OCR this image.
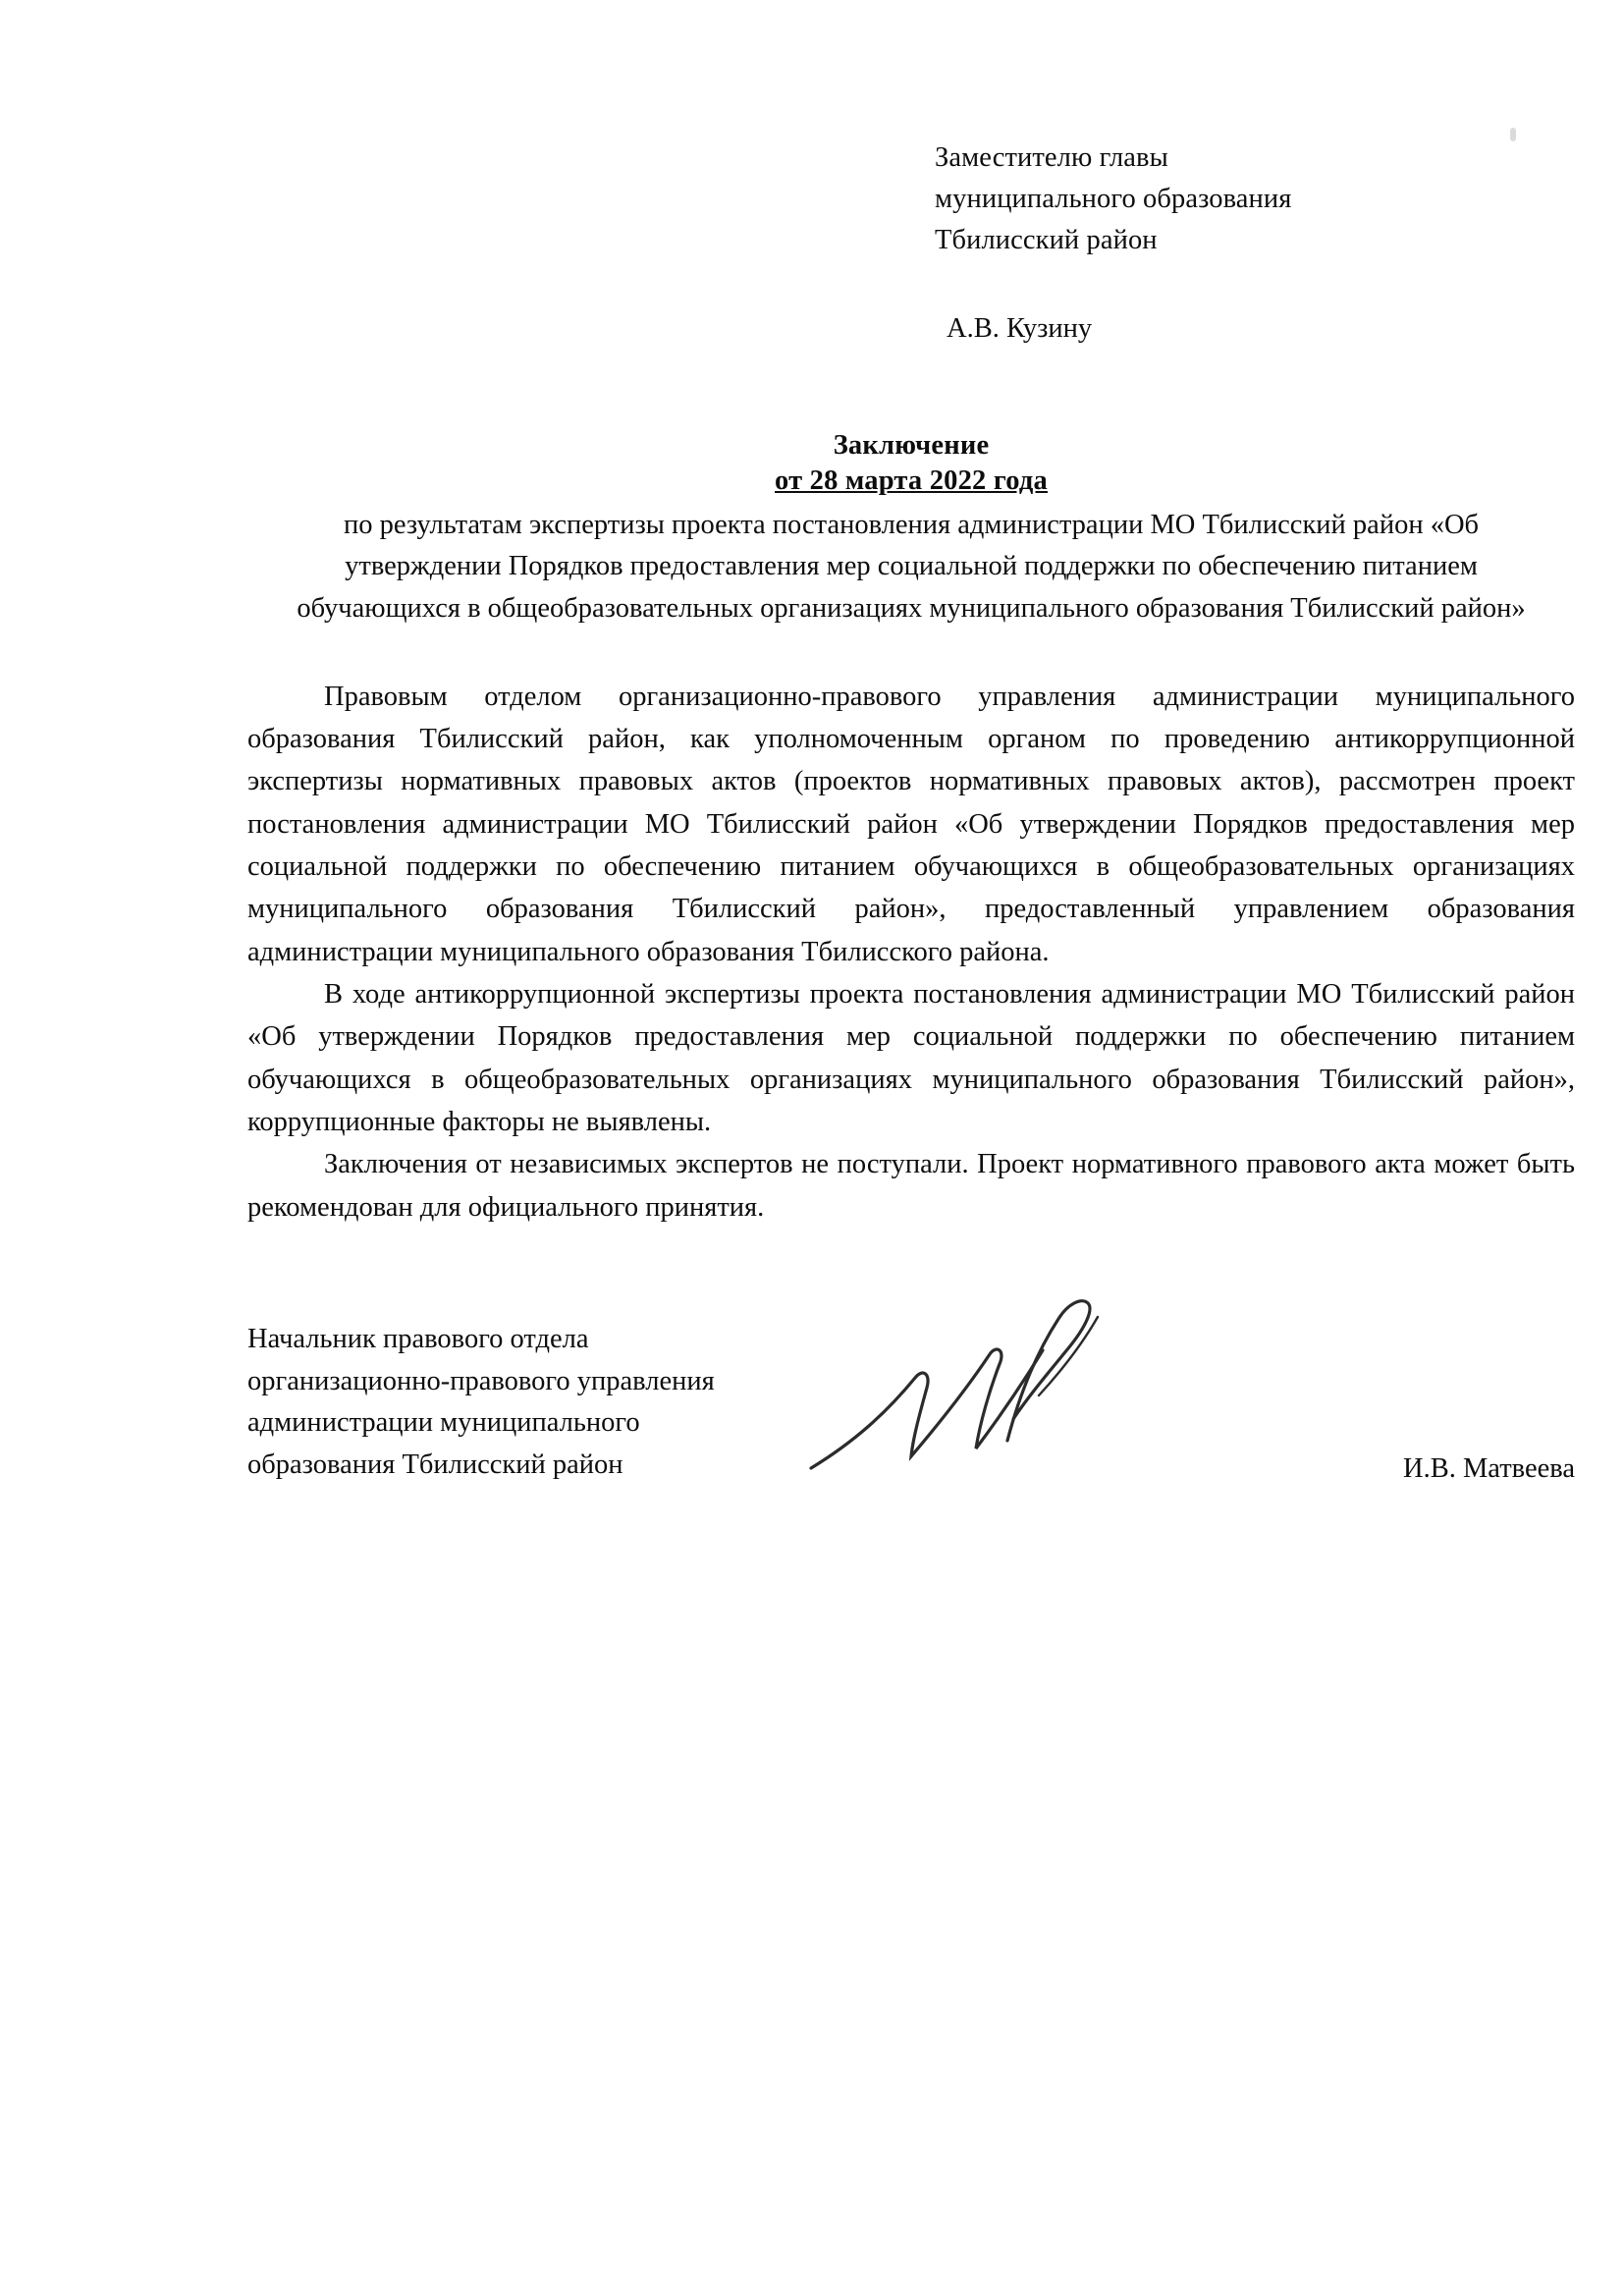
Заместителю главы
муниципального образования
Тбилисский район
А.В. Кузину
Заключение
от 28 марта 2022 года
по результатам экспертизы проекта постановления администрации МО Тбилисский район «Об утверждении Порядков предоставления мер социальной поддержки по обеспечению питанием обучающихся в общеобразовательных организациях муниципального образования Тбилисский район»

Правовым отделом организационно-правового управления администрации муниципального образования Тбилисский район, как уполномоченным органом по проведению антикоррупционной экспертизы нормативных правовых актов (проектов нормативных правовых актов), рассмотрен проект постановления администрации МО Тбилисский район «Об утверждении Порядков предоставления мер социальной поддержки по обеспечению питанием обучающихся в общеобразовательных организациях муниципального образования Тбилисский район», предоставленный управлением образования администрации муниципального образования Тбилисского района.

В ходе антикоррупционной экспертизы проекта постановления администрации МО Тбилисский район «Об утверждении Порядков предоставления мер социальной поддержки по обеспечению питанием обучающихся в общеобразовательных организациях муниципального образования Тбилисский район», коррупционные факторы не выявлены.

Заключения от независимых экспертов не поступали. Проект нормативного правового акта может быть рекомендован для официального принятия.

Начальник правового отдела
организационно-правового управления
администрации муниципального
образования Тбилисский район	И.В. Матвеева
